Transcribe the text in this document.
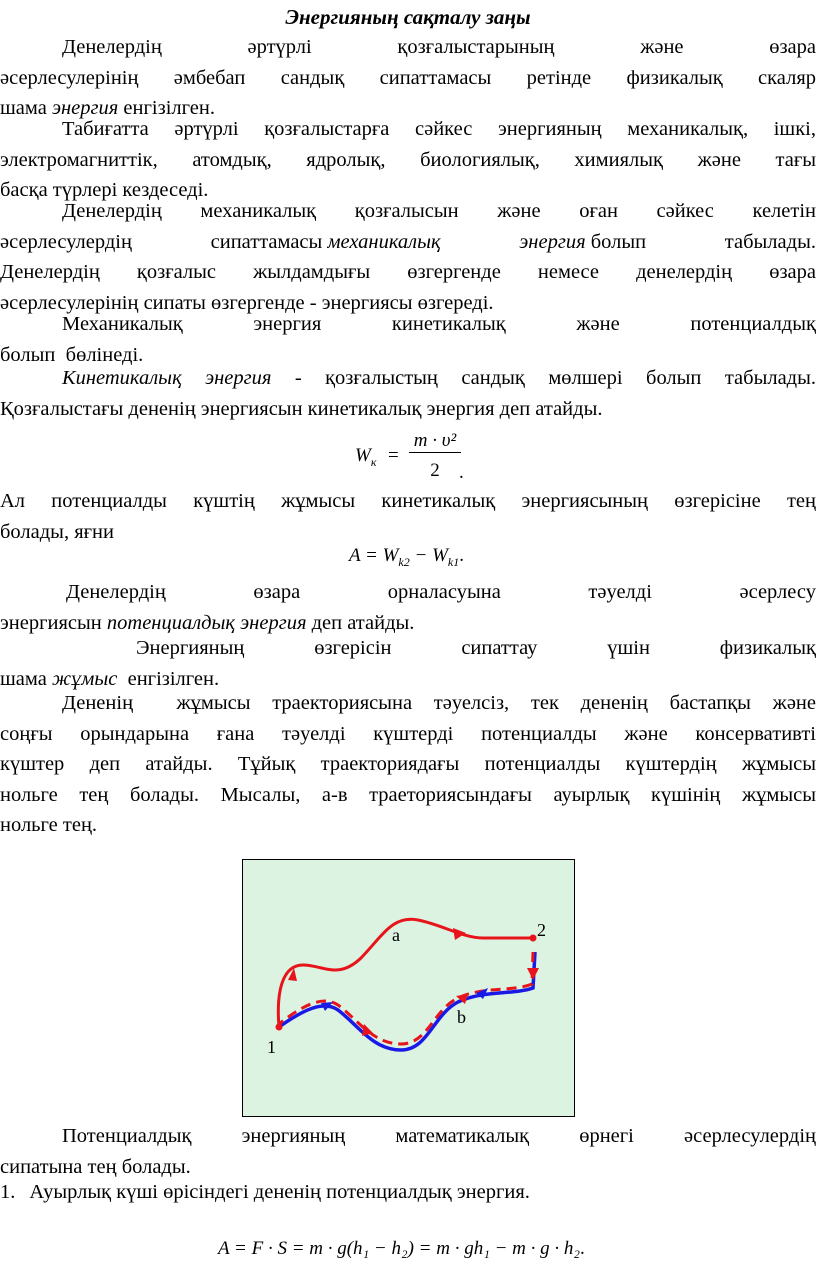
Энергияның сақталу заңы
Денелердің	әртүрлі	қозғалыстарының	және	өзара
әсерлесулерінің әмбебап сандық сипаттамасы ретінде физикалық скаляр
шама энергия енгізілген.
Табиғатта әртүрлі қозғалыстарға сәйкес энергияның механикалық, ішкі,
электромагниттік, атомдық, ядролық, биологиялық, химиялық және тағы
басқа түрлері кездеседі.
Денелердің механикалық қозғалысын және оған сәйкес келетін
әсерлесулердің	сипаттамасы механикалық	энергия болып	табылады.
Денелердің қозғалыс жылдамдығы өзгергенде немесе денелердің өзара
әсерлесулерінің сипаты өзгергенде - энергиясы өзгереді.
Механикалық	энергия	кинетикалық	және	потенциалдық
болып  бөлінеді.
Кинетикалық энергия - қозғалыстың сандық мөлшері болып табылады.
Қозғалыстағы дененің энергиясын кинетикалық энергия деп атайды.
$W_к$ =
m · υ²
2	.
Ал потенциалды күштің жұмысы кинетикалық энергиясының өзгерісіне тең
болады, яғни
$A = W_{k2} - W_{k1}$.
Денелердің	өзара	орналасуына	тәуелді	әсерлесу
энергиясын потенциалдық энергия деп атайды.
Энергияның	өзгерісін	сипаттау	үшін	физикалық
шама жұмыс  енгізілген.
Дененің  жұмысы траекториясына тәуелсіз, тек дененің бастапқы және
соңғы орындарына ғана тәуелді күштерді потенциалды және консервативті
күштер деп атайды. Тұйық траекториядағы потенциалды күштердің жұмысы
нольге тең болады. Мысалы, а-в траеториясындағы ауырлық күшінің жұмысы
нольге тең.
1
2
a
b
Потенциалдық энергияның математикалық өрнегі әсерлесулердің
сипатына тең болады.
1. Ауырлық күші өрісіндегі дененің потенциалдық энергия.
A = F · S = m · g(h₁ − h₂) = m · gh₁ − m · g · h₂.
